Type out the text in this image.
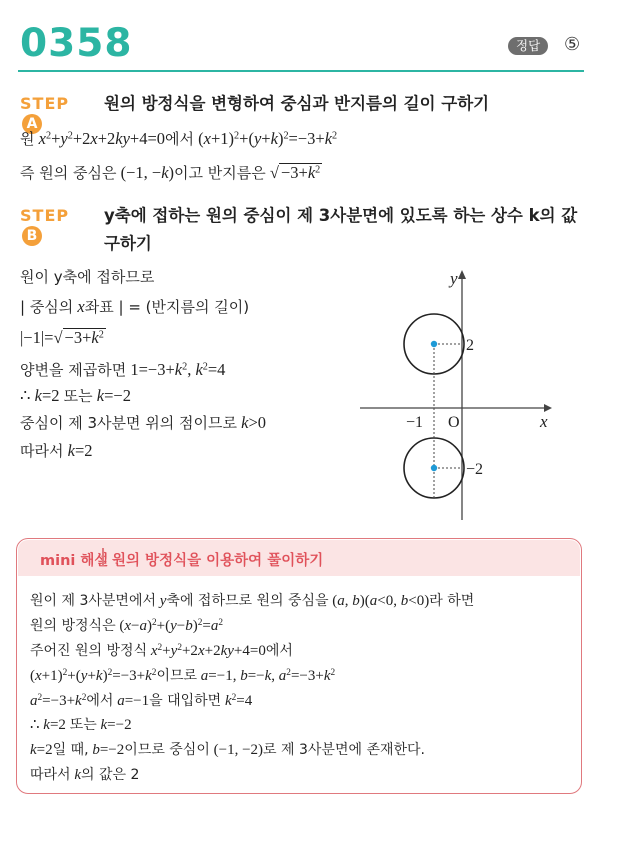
0358	정답	⑤
STEPA
원의 방정식을 변형하여 중심과 반지름의 길이 구하기
원 $x^2+y^2+2x+2ky+4=0$에서 $(x+1)^2+(y+k)^2=-3+k^2$
즉 원의 중심은 (−1, −k)이고 반지름은 √ $-3+k^2$
STEPB
y축에 접하는 원의 중심이 제 3사분면에 있도록 하는 상수 k의 값
구하기
원이 y축에 접하므로
| 중심의 x좌표 | = (반지름의 길이)
$|-1|=√ -3+k^2$
양변을 제곱하면 $1=-3+k^2$, $k^2=4$
∴ k=2 또는 k=−2
중심이 제 3사분면 위의 점이므로 k>0
따라서 k=2
y
x
O
−1
2
−2
mini 해설 원의 방정식을 이용하여 풀이하기
원이 제 3사분면에서 y축에 접하므로 원의 중심을 (a, b)(a<0, b<0)라 하면
원의 방정식은 $(x-a)^2+(y-b)^2=a^2$
주어진 원의 방정식 $x^2+y^2+2x+2ky+4=0$에서
$(x+1)^2+(y+k)^2=-3+k^2$이므로 a=−1, b=−k, $a^2=-3+k^2$
$a^2=-3+k^2$에서 a=−1을 대입하면 $k^2=4$
∴ k=2 또는 k=−2
k=2일 때, b=−2이므로 중심이 (−1, −2)로 제 3사분면에 존재한다.
따라서 k의 값은 2
